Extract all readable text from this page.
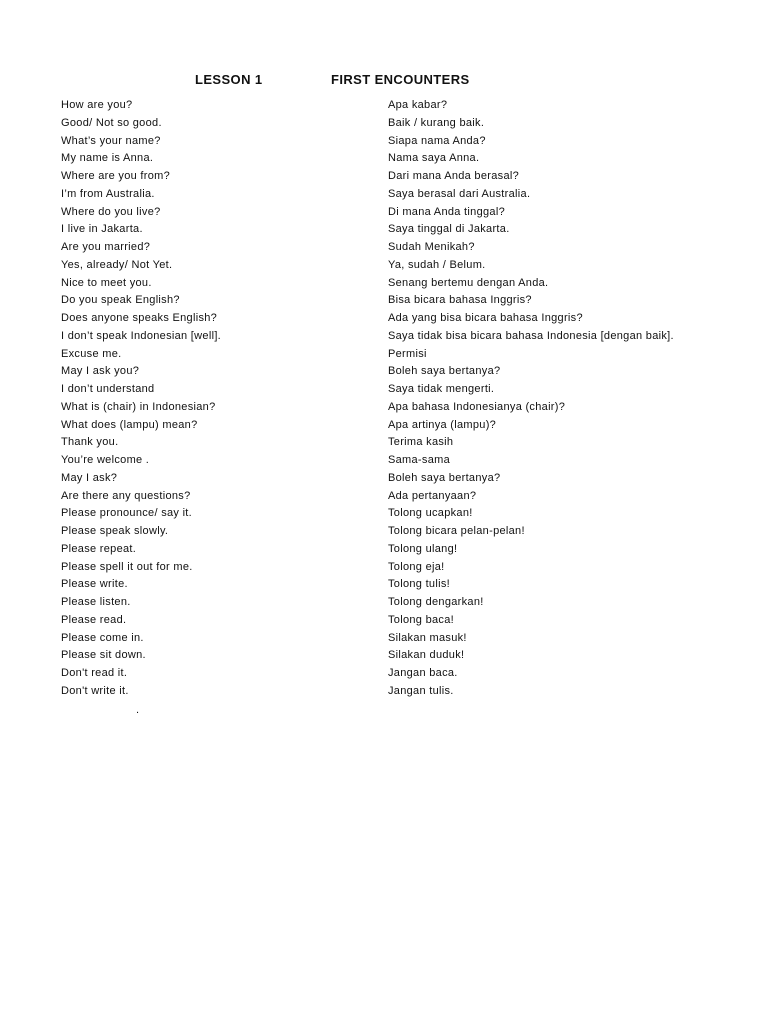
LESSON 1	FIRST ENCOUNTERS
How are you?	Apa kabar?
Good/ Not so good.	Baik / kurang baik.
What’s your name?	Siapa nama Anda?
My name is Anna.	Nama saya Anna.
Where are you from?	Dari mana Anda berasal?
I’m from Australia.	Saya berasal dari Australia.
Where do you live?	Di mana Anda tinggal?
I live in Jakarta.	Saya tinggal di Jakarta.
Are you married?	Sudah Menikah?
Yes, already/ Not Yet.	Ya, sudah / Belum.
Nice to meet you.	Senang bertemu dengan Anda.
Do you speak English?	Bisa bicara bahasa Inggris?
Does anyone speaks English?	Ada yang bisa bicara bahasa Inggris?
I don’t speak Indonesian [well].	Saya tidak bisa bicara bahasa Indonesia [dengan baik].
Excuse me.	Permisi
May I ask you?	Boleh saya bertanya?
I don’t understand	Saya tidak mengerti.
What is (chair) in Indonesian?	Apa bahasa Indonesianya (chair)?
What does (lampu) mean?	Apa artinya (lampu)?
Thank you.	Terima kasih
You’re welcome .	Sama-sama
May I ask?	Boleh saya bertanya?
Are there any questions?	Ada pertanyaan?
Please pronounce/ say it.	Tolong ucapkan!
Please speak slowly.	Tolong bicara pelan-pelan!
Please repeat.	Tolong ulang!
Please spell it out for me.	Tolong eja!
Please write.	Tolong tulis!
Please listen.	Tolong dengarkan!
Please read.	Tolong baca!
Please come in.	Silakan masuk!
Please sit down.	Silakan duduk!
Don't read it.	Jangan baca.
Don't write it.	Jangan tulis.
.
